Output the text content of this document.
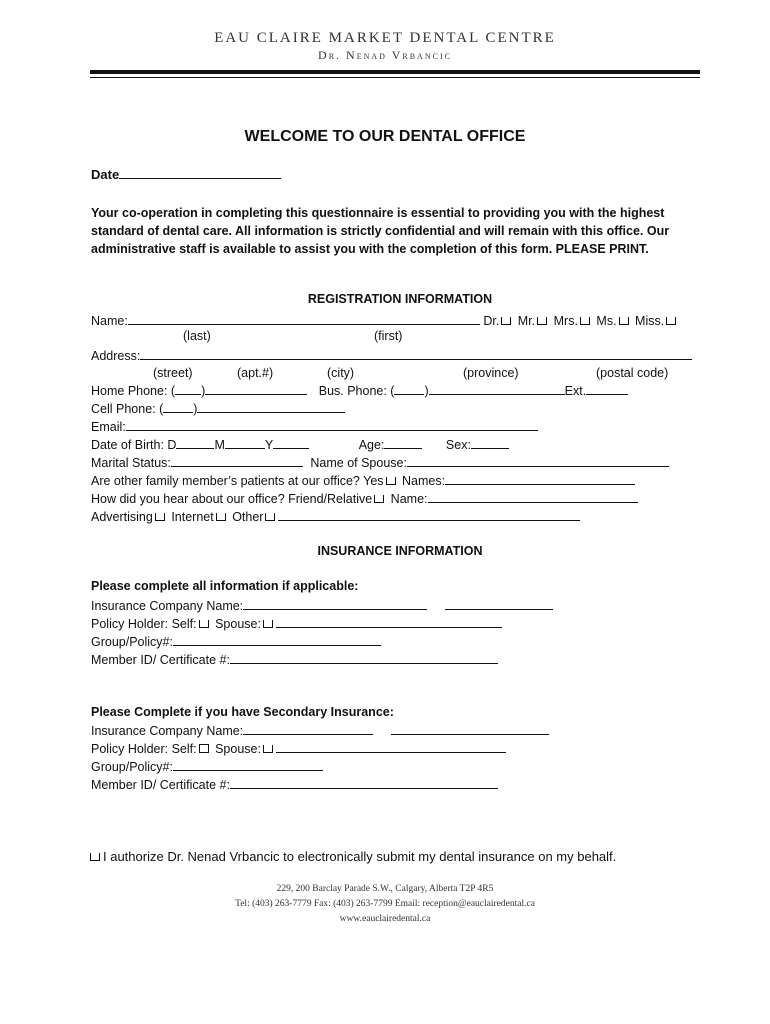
EAU CLAIRE MARKET DENTAL CENTRE
Dr. Nenad Vrbancic
WELCOME TO OUR DENTAL OFFICE
Date
Your co-operation in completing this questionnaire is essential to providing you with the highest standard of dental care. All information is strictly confidential and will remain with this office. Our administrative staff is available to assist you with the completion of this form. PLEASE PRINT.
REGISTRATION INFORMATION
Name:	Dr. Mr. Mrs. Ms. Miss.
(last)	(first)
Address:
(street)	(apt.#)	(city)	(province)	(postal code)
Home Phone: ( )	Bus. Phone: ( )	Ext.
Cell Phone: ( )
Email:
Date of Birth: D	M	Y	Age:	Sex:
Marital Status:	Name of Spouse:
Are other family member’s patients at our office? Yes Names:
How did you hear about our office? Friend/Relative Name:
Advertising Internet Other
INSURANCE INFORMATION
Please complete all information if applicable:
Insurance Company Name:
Policy Holder: Self: Spouse:
Group/Policy#:
Member ID/ Certificate #:
Please Complete if you have Secondary Insurance:
Insurance Company Name:
Policy Holder: Self: Spouse:
Group/Policy#:
Member ID/ Certificate #:
I authorize Dr. Nenad Vrbancic to electronically submit my dental insurance on my behalf.
229, 200 Barclay Parade S.W., Calgary, Alberta T2P 4R5
Tel: (403) 263-7779 Fax: (403) 263-7799 Email: reception@eauclairedental.ca
www.eauclairedental.ca
